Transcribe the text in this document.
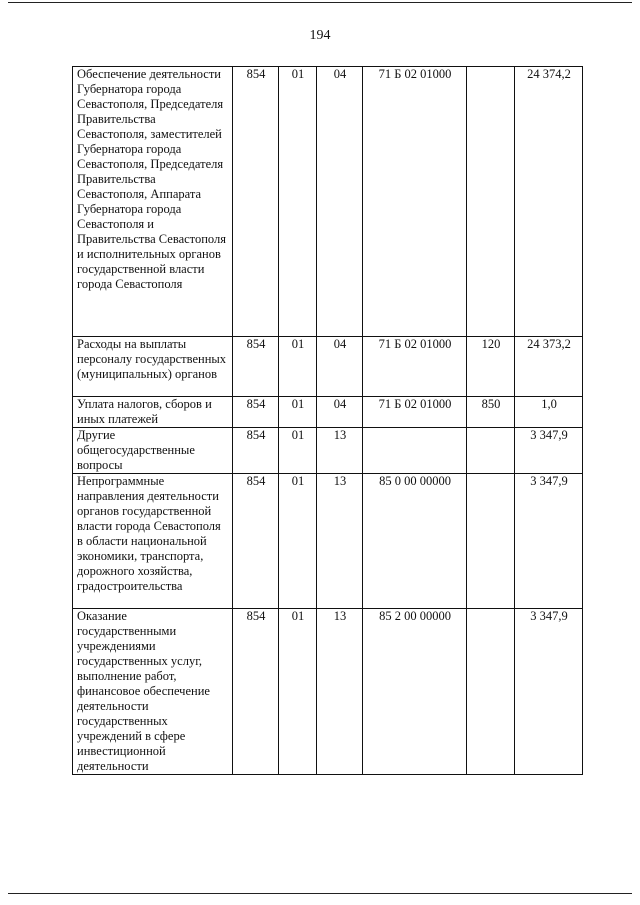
194
Обеспечение деятельности Губернатора города Севастополя, Председателя Правительства Севастополя, заместителей Губернатора города Севастополя, Председателя Правительства Севастополя, Аппарата Губернатора города Севастополя и Правительства Севастополя и исполнительных органов государственной власти города Севастополя	854	01	04	71 Б 02 01000		24 374,2
Расходы на выплаты персоналу государственных (муниципальных) органов	854	01	04	71 Б 02 01000	120	24 373,2
Уплата налогов, сборов и иных платежей	854	01	04	71 Б 02 01000	850	1,0
Другие общегосударственные вопросы	854	01	13			3 347,9
Непрограммные направления деятельности органов государственной власти города Севастополя в области национальной экономики, транспорта, дорожного хозяйства, градостроительства	854	01	13	85 0 00 00000		3 347,9
Оказание государственными учреждениями государственных услуг, выполнение работ, финансовое обеспечение деятельности государственных учреждений в сфере инвестиционной деятельности	854	01	13	85 2 00 00000		3 347,9
